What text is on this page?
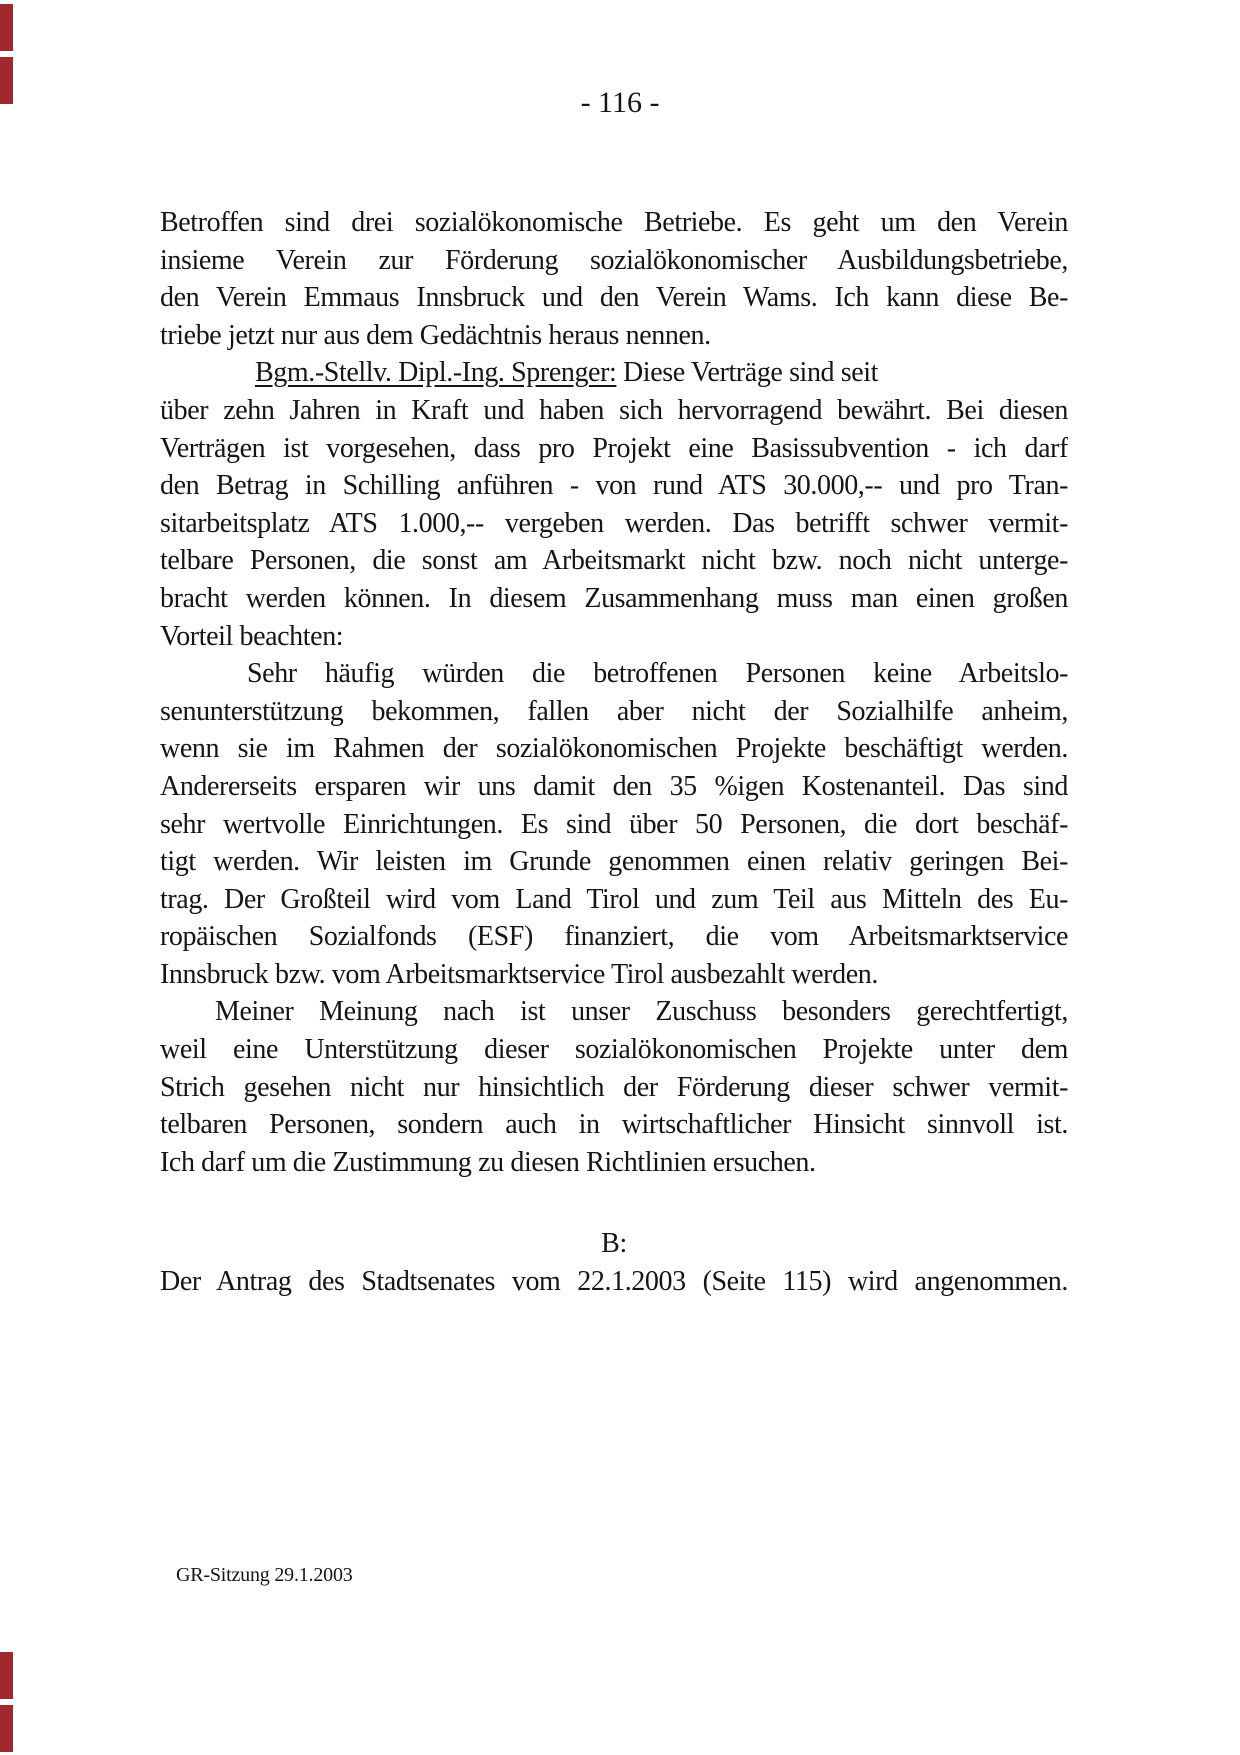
- 116 -
Betroffen sind drei sozialökonomische Betriebe. Es geht um den Verein
insieme Verein zur Förderung sozialökonomischer Ausbildungsbetriebe,
den Verein Emmaus Innsbruck und den Verein Wams. Ich kann diese Be-
triebe jetzt nur aus dem Gedächtnis heraus nennen.
Bgm.-Stellv. Dipl.-Ing. Sprenger: Diese Verträge sind seit
über zehn Jahren in Kraft und haben sich hervorragend bewährt. Bei diesen
Verträgen ist vorgesehen, dass pro Projekt eine Basissubvention - ich darf
den Betrag in Schilling anführen - von rund ATS 30.000,-- und pro Tran-
sitarbeitsplatz ATS 1.000,-- vergeben werden. Das betrifft schwer vermit-
telbare Personen, die sonst am Arbeitsmarkt nicht bzw. noch nicht unterge-
bracht werden können. In diesem Zusammenhang muss man einen großen
Vorteil beachten:
Sehr häufig würden die betroffenen Personen keine Arbeitslo-
senunterstützung bekommen, fallen aber nicht der Sozialhilfe anheim,
wenn sie im Rahmen der sozialökonomischen Projekte beschäftigt werden.
Andererseits ersparen wir uns damit den 35 %igen Kostenanteil. Das sind
sehr wertvolle Einrichtungen. Es sind über 50 Personen, die dort beschäf-
tigt werden. Wir leisten im Grunde genommen einen relativ geringen Bei-
trag. Der Großteil wird vom Land Tirol und zum Teil aus Mitteln des Eu-
ropäischen Sozialfonds (ESF) finanziert, die vom Arbeitsmarktservice
Innsbruck bzw. vom Arbeitsmarktservice Tirol ausbezahlt werden.
Meiner Meinung nach ist unser Zuschuss besonders gerechtfertigt,
weil eine Unterstützung dieser sozialökonomischen Projekte unter dem
Strich gesehen nicht nur hinsichtlich der Förderung dieser schwer vermit-
telbaren Personen, sondern auch in wirtschaftlicher Hinsicht sinnvoll ist.
Ich darf um die Zustimmung zu diesen Richtlinien ersuchen.
B:
Der Antrag des Stadtsenates vom 22.1.2003 (Seite 115) wird angenommen.
GR-Sitzung 29.1.2003
